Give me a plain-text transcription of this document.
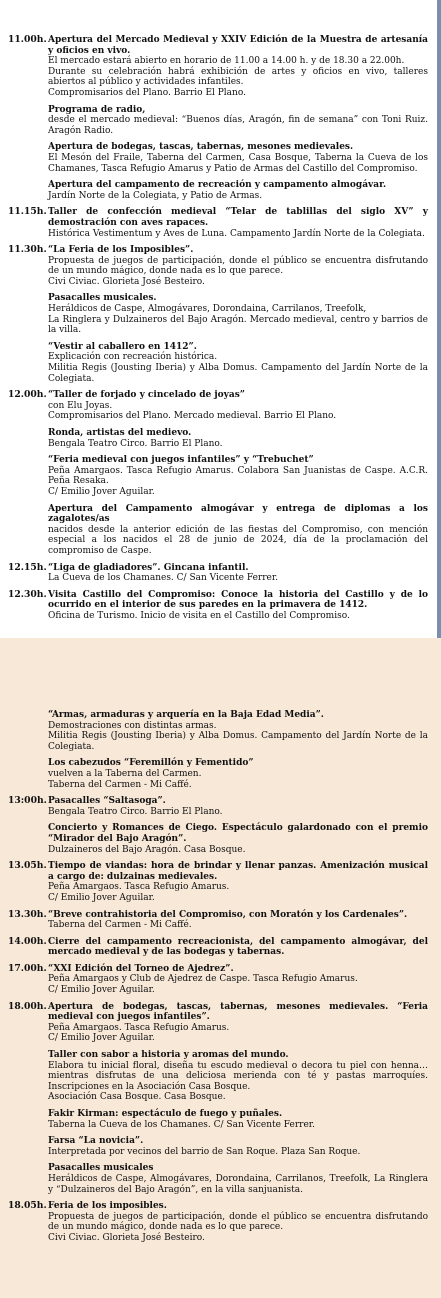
11.00h. Apertura del Mercado Medieval y XXIV Edición de la Muestra de artesanía y oficios en vivo.
El mercado estará abierto en horario de 11.00 a 14.00 h. y de 18.30 a 22.00h.
Durante su celebración habrá exhibición de artes y oficios en vivo, talleres abiertos al público y actividades infantiles.
Compromisarios del Plano. Barrio El Plano.
Programa de radio,
desde el mercado medieval: “Buenos días, Aragón, fin de semana” con Toni Ruiz. Aragón Radio.
Apertura de bodegas, tascas, tabernas, mesones medievales.
El Mesón del Fraile, Taberna del Carmen, Casa Bosque, Taberna la Cueva de los Chamanes, Tasca Refugio Amarus y Patio de Armas del Castillo del Compromiso.
Apertura del campamento de recreación y campamento almogávar.
Jardín Norte de la Colegiata, y Patio de Armas.
11.15h. Taller de confección medieval “Telar de tablillas del siglo XV” y demostración con aves rapaces.
Histórica Vestimentum y Aves de Luna. Campamento Jardín Norte de la Colegiata.
11.30h. “La Feria de los Imposibles”.
Propuesta de juegos de participación, donde el público se encuentra disfrutando de un mundo mágico, donde nada es lo que parece.
Civi Civiac. Glorieta José Besteiro.
Pasacalles musicales.
Heráldicos de Caspe, Almogávares, Dorondaina, Carrilanos, Treefolk,
La Ringlera y Dulzaineros del Bajo Aragón. Mercado medieval, centro y barrios de la villa.
“Vestir al caballero en 1412”.
Explicación con recreación histórica.
Militia Regis (Jousting Iberia) y Alba Domus. Campamento del Jardín Norte de la Colegiata.
12.00h. “Taller de forjado y cincelado de joyas”
con Elu Joyas.
Compromisarios del Plano. Mercado medieval. Barrio El Plano.
Ronda, artistas del medievo.
Bengala Teatro Circo. Barrio El Plano.
“Feria medieval con juegos infantiles” y “Trebuchet”
Peña Amargaos. Tasca Refugio Amarus. Colabora San Juanistas de Caspe. A.C.R. Peña Resaka.
C/ Emilio Jover Aguilar.
Apertura del Campamento almogávar y entrega de diplomas a los zagalotes/as
nacidos desde la anterior edición de las fiestas del Compromiso, con mención especial a los nacidos el 28 de junio de 2024, día de la proclamación del compromiso de Caspe.
12.15h. “Liga de gladiadores”. Gincana infantil.
La Cueva de los Chamanes. C/ San Vicente Ferrer.
12.30h. Visita Castillo del Compromiso: Conoce la historia del Castillo y de lo ocurrido en el interior de sus paredes en la primavera de 1412.
Oficina de Turismo. Inicio de visita en el Castillo del Compromiso.
“Armas, armaduras y arquería en la Baja Edad Media”.
Demostraciones con distintas armas.
Militia Regis (Jousting Iberia) y Alba Domus. Campamento del Jardín Norte de la Colegiata.
Los cabezudos “Feremillón y Fementido”
vuelven a la Taberna del Carmen.
Taberna del Carmen - Mi Caffé.
13:00h. Pasacalles “Saltasoga”.
Bengala Teatro Circo. Barrio El Plano.
Concierto y Romances de Ciego. Espectáculo galardonado con el premio “Mirador del Bajo Aragón”.
Dulzaineros del Bajo Aragón. Casa Bosque.
13.05h. Tiempo de viandas: hora de brindar y llenar panzas. Amenización musical a cargo de: dulzainas medievales.
Peña Amargaos. Tasca Refugio Amarus.
C/ Emilio Jover Aguilar.
13.30h. “Breve contrahistoria del Compromiso, con Moratón y los Cardenales”.
Taberna del Carmen - Mi Caffé.
14.00h. Cierre del campamento recreacionista, del campamento almogávar, del mercado medieval y de las bodegas y tabernas.
17.00h. “XXI Edición del Torneo de Ajedrez”.
Peña Amargaos y Club de Ajedrez de Caspe. Tasca Refugio Amarus.
C/ Emilio Jover Aguilar.
18.00h. Apertura de bodegas, tascas, tabernas, mesones medievales. “Feria medieval con juegos infantiles”.
Peña Amargaos. Tasca Refugio Amarus.
C/ Emilio Jover Aguilar.
Taller con sabor a historia y aromas del mundo.
Elabora tu inicial floral, diseña tu escudo medieval o decora tu piel con henna… mientras disfrutas de una deliciosa merienda con té y pastas marroquíes. Inscripciones en la Asociación Casa Bosque.
Asociación Casa Bosque. Casa Bosque.
Fakir Kirman: espectáculo de fuego y puñales.
Taberna la Cueva de los Chamanes. C/ San Vicente Ferrer.
Farsa “La novicia”.
Interpretada por vecinos del barrio de San Roque. Plaza San Roque.
Pasacalles musicales
Heráldicos de Caspe, Almogávares, Dorondaina, Carrilanos, Treefolk, La Ringlera y “Dulzaineros del Bajo Aragón”, en la villa sanjuanista.
18.05h. Feria de los imposibles.
Propuesta de juegos de participación, donde el público se encuentra disfrutando de un mundo mágico, donde nada es lo que parece.
Civi Civiac. Glorieta José Besteiro.
